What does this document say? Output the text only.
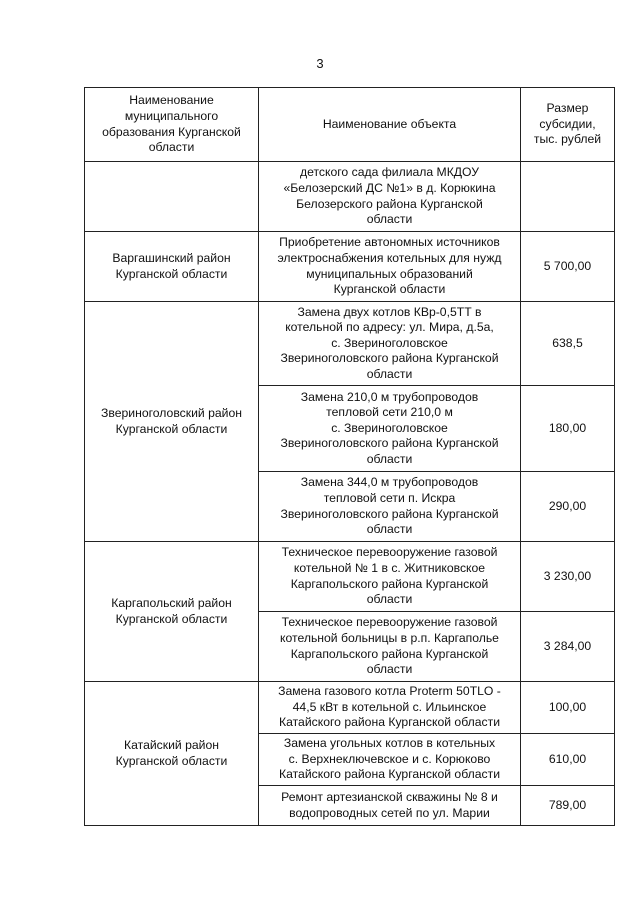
3
Наименование
муниципального
образования Курганской
области	Наименование объекта	Размер
субсидии,
тыс. рублей
	детского сада филиала МКДОУ
«Белозерский ДС №1» в д. Корюкина
Белозерского района Курганской
области	
Варгашинский район
Курганской области	Приобретение автономных источников
электроснабжения котельных для нужд
муниципальных образований
Курганской области	5 700,00
Звериноголовский район
Курганской области	Замена двух котлов КВр-0,5ТТ в
котельной по адресу: ул. Мира, д.5а,
с. Звериноголовское
Звериноголовского района Курганской
области	638,5
	Замена 210,0 м трубопроводов
тепловой сети 210,0 м
с. Звериноголовское
Звериноголовского района Курганской
области	180,00
	Замена 344,0 м трубопроводов
тепловой сети п. Искра
Звериноголовского района Курганской
области	290,00
Каргапольский район
Курганской области	Техническое перевооружение газовой
котельной № 1 в с. Житниковское
Каргапольского района Курганской
области	3 230,00
	Техническое перевооружение газовой
котельной больницы в р.п. Каргаполье
Каргапольского района Курганской
области	3 284,00
Катайский район
Курганской области	Замена газового котла Proterm 50TLO -
44,5 кВт в котельной с. Ильинское
Катайского района Курганской области	100,00
	Замена угольных котлов в котельных
с. Верхнеключевское и с. Корюково
Катайского района Курганской области	610,00
	Ремонт артезианской скважины № 8 и
водопроводных сетей по ул. Марии	789,00
